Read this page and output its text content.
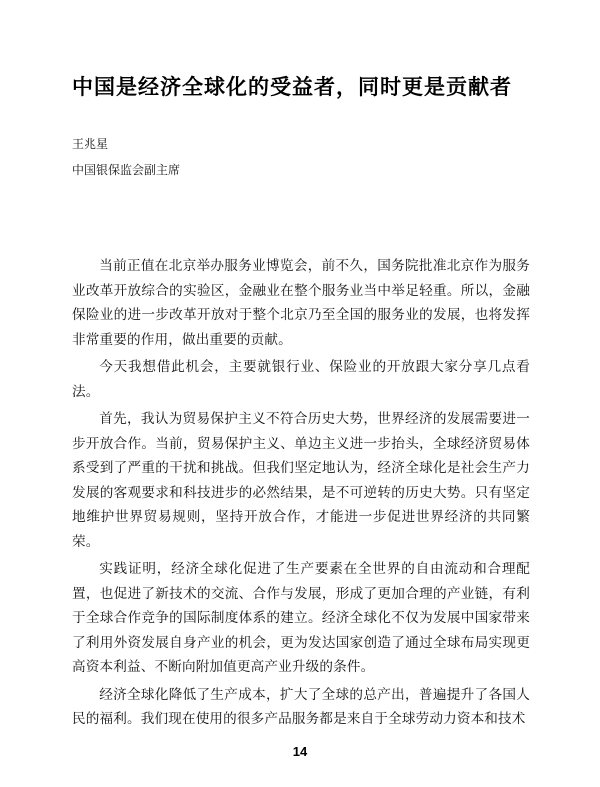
中国是经济全球化的受益者，同时更是贡献者
王兆星
中国银保监会副主席

当前正值在北京举办服务业博览会，前不久，国务院批准北京作为服务业改革开放综合的实验区，金融业在整个服务业当中举足轻重。所以，金融保险业的进一步改革开放对于整个北京乃至全国的服务业的发展，也将发挥非常重要的作用，做出重要的贡献。

今天我想借此机会，主要就银行业、保险业的开放跟大家分享几点看法。

首先，我认为贸易保护主义不符合历史大势，世界经济的发展需要进一步开放合作。当前，贸易保护主义、单边主义进一步抬头，全球经济贸易体系受到了严重的干扰和挑战。但我们坚定地认为，经济全球化是社会生产力发展的客观要求和科技进步的必然结果，是不可逆转的历史大势。只有坚定地维护世界贸易规则，坚持开放合作，才能进一步促进世界经济的共同繁荣。

实践证明，经济全球化促进了生产要素在全世界的自由流动和合理配置，也促进了新技术的交流、合作与发展，形成了更加合理的产业链，有利于全球合作竞争的国际制度体系的建立。经济全球化不仅为发展中国家带来了利用外资发展自身产业的机会，更为发达国家创造了通过全球布局实现更高资本利益、不断向附加值更高产业升级的条件。

经济全球化降低了生产成本，扩大了全球的总产出，普遍提升了各国人民的福利。我们现在使用的很多产品服务都是来自于全球劳动力资本和技术

14
